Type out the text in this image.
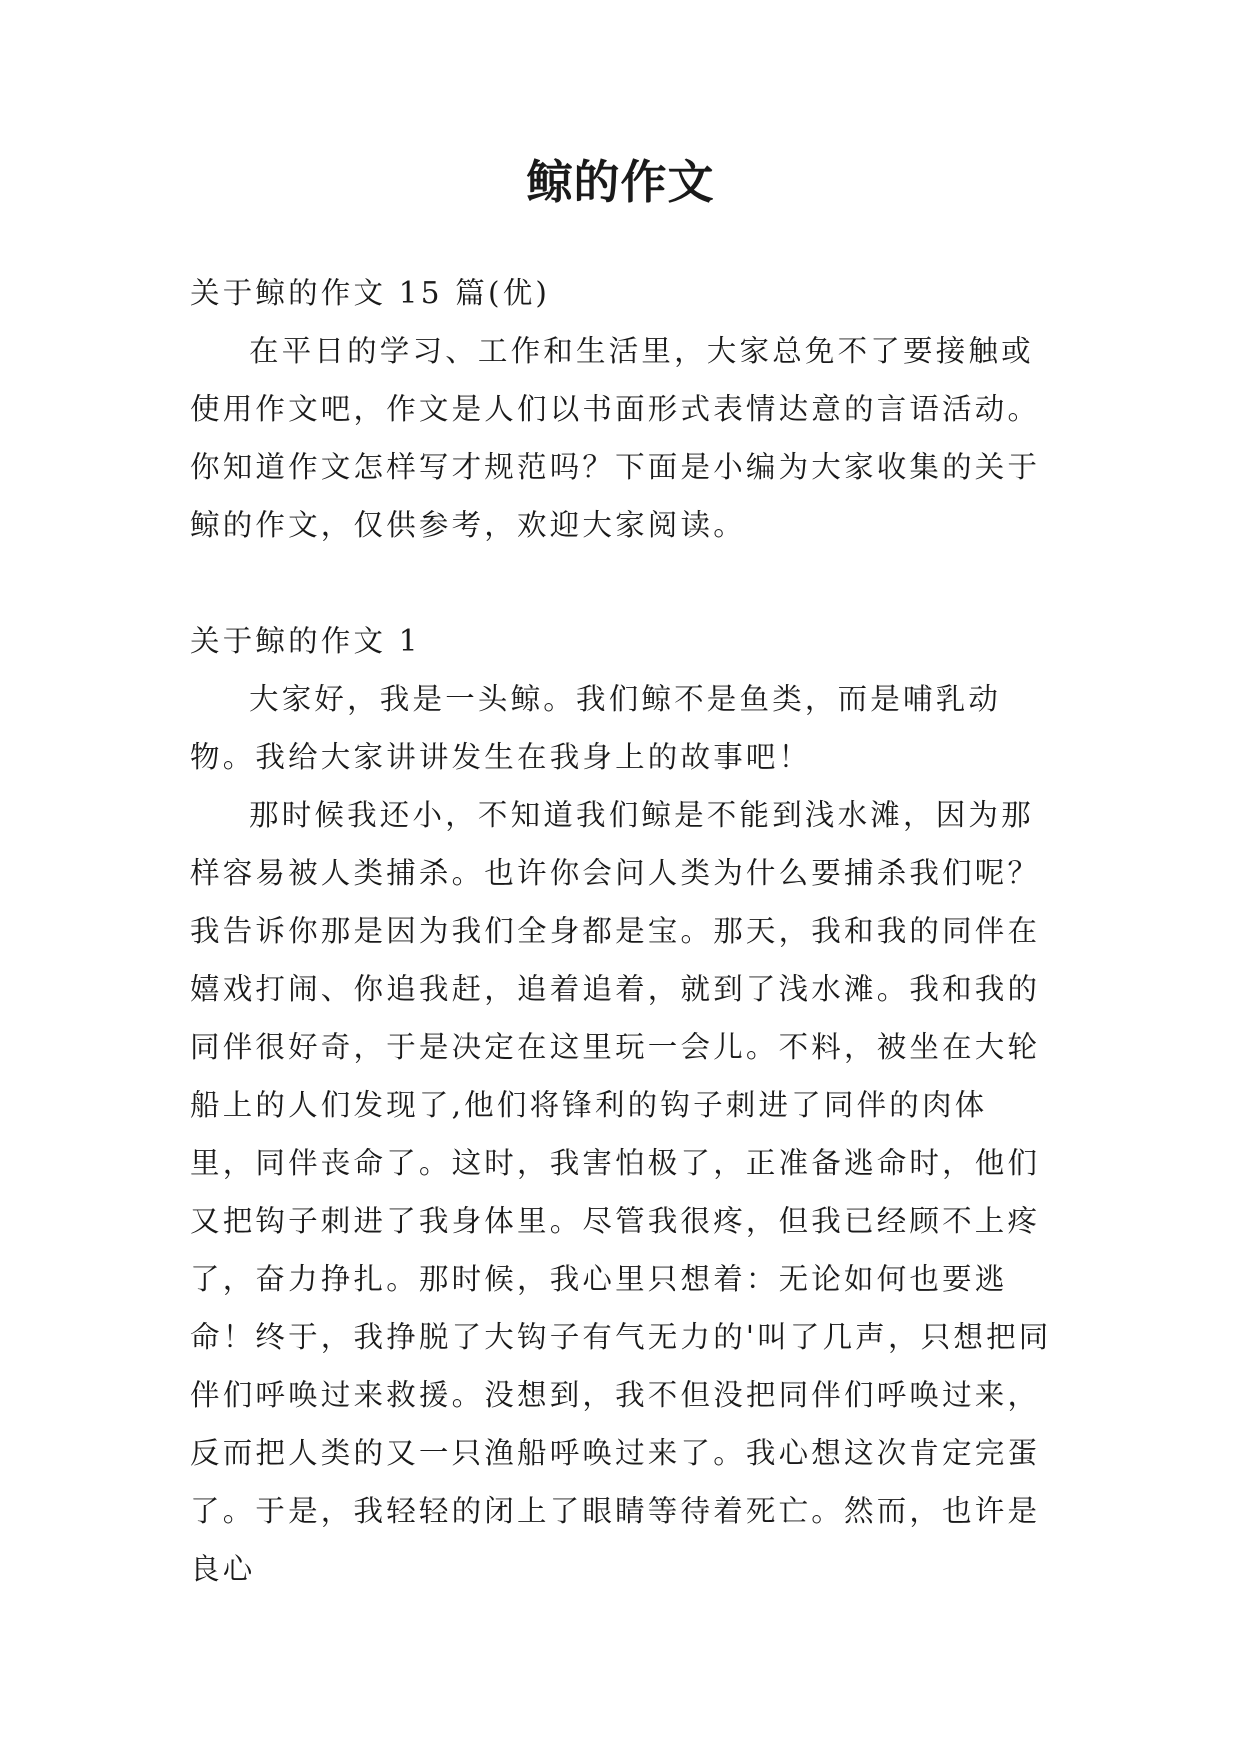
鲸的作文

关于鲸的作文 15 篇(优)

在平日的学习、工作和生活里，大家总免不了要接触或使用作文吧，作文是人们以书面形式表情达意的言语活动。你知道作文怎样写才规范吗？下面是小编为大家收集的关于鲸的作文，仅供参考，欢迎大家阅读。

关于鲸的作文 1

大家好，我是一头鲸。我们鲸不是鱼类，而是哺乳动物。我给大家讲讲发生在我身上的故事吧！

那时候我还小，不知道我们鲸是不能到浅水滩，因为那样容易被人类捕杀。也许你会问人类为什么要捕杀我们呢？我告诉你那是因为我们全身都是宝。那天，我和我的同伴在嬉戏打闹、你追我赶，追着追着，就到了浅水滩。我和我的同伴很好奇，于是决定在这里玩一会儿。不料，被坐在大轮船上的人们发现了,他们将锋利的钩子刺进了同伴的肉体里，同伴丧命了。这时，我害怕极了，正准备逃命时，他们又把钩子刺进了我身体里。尽管我很疼，但我已经顾不上疼了，奋力挣扎。那时候，我心里只想着：无论如何也要逃命！终于，我挣脱了大钩子有气无力的'叫了几声，只想把同伴们呼唤过来救援。没想到，我不但没把同伴们呼唤过来，反而把人类的又一只渔船呼唤过来了。我心想这次肯定完蛋了。于是，我轻轻的闭上了眼睛等待着死亡。然而，也许是良心
